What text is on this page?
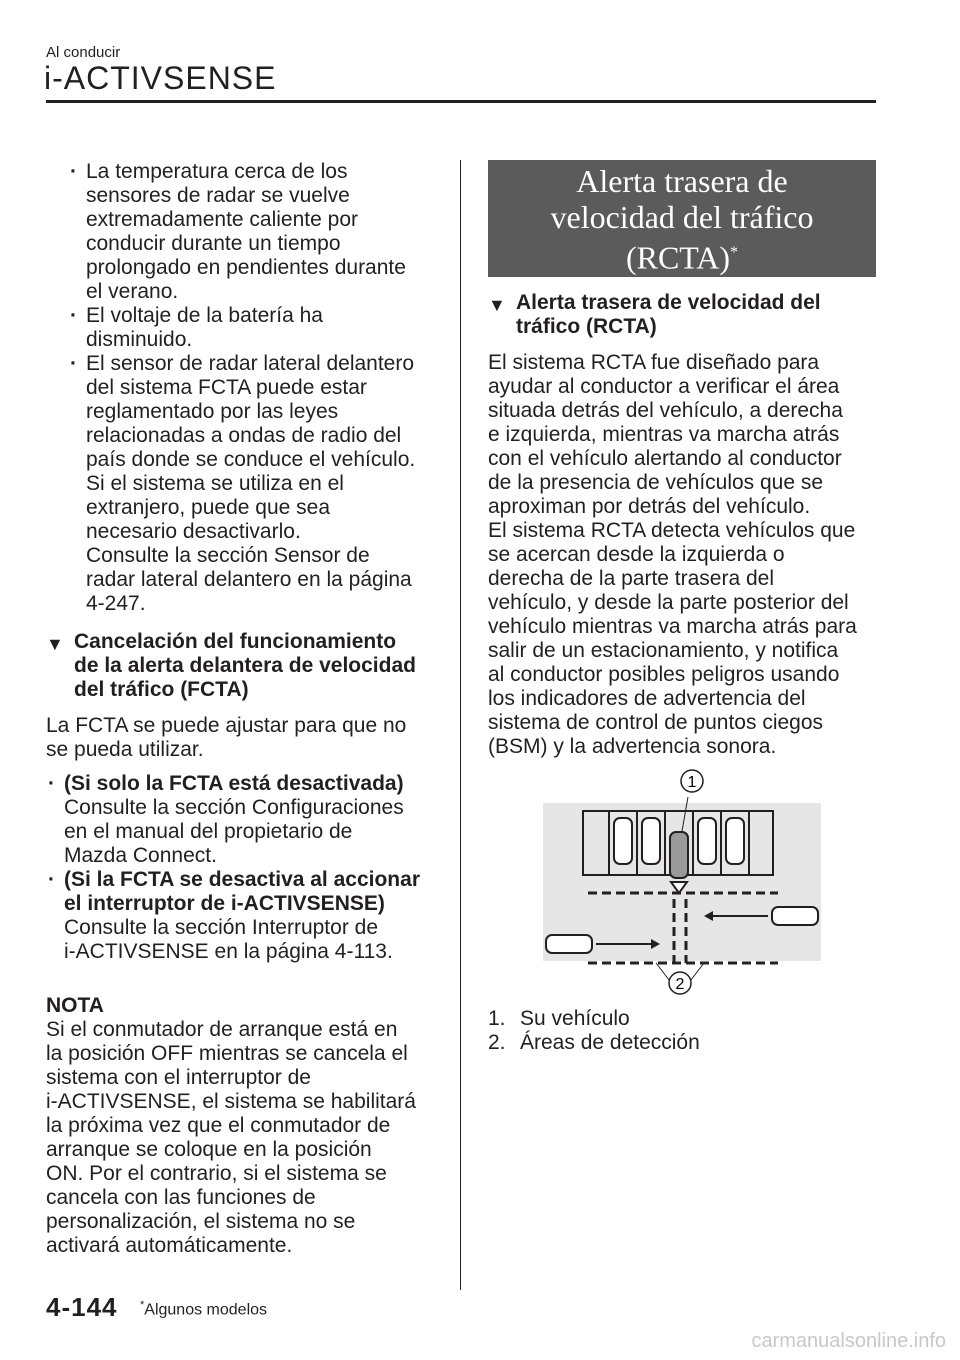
Al conducir
i-ACTIVSENSE
· La temperatura cerca de los
sensores de radar se vuelve
extremadamente caliente por
conducir durante un tiempo
prolongado en pendientes durante
el verano.
· El voltaje de la batería ha
disminuido.
· El sensor de radar lateral delantero
del sistema FCTA puede estar
reglamentado por las leyes
relacionadas a ondas de radio del
país donde se conduce el vehículo.
Si el sistema se utiliza en el
extranjero, puede que sea
necesario desactivarlo.
Consulte la sección Sensor de
radar lateral delantero en la página
4-247.
▼ Cancelación del funcionamiento
de la alerta delantera de velocidad
del tráfico (FCTA)
La FCTA se puede ajustar para que no
se pueda utilizar.
· (Si solo la FCTA está desactivada)
Consulte la sección Configuraciones
en el manual del propietario de
Mazda Connect.
· (Si la FCTA se desactiva al accionar
el interruptor de i-ACTIVSENSE)
Consulte la sección Interruptor de
i-ACTIVSENSE en la página 4-113.
NOTA
Si el conmutador de arranque está en
la posición OFF mientras se cancela el
sistema con el interruptor de
i-ACTIVSENSE, el sistema se habilitará
la próxima vez que el conmutador de
arranque se coloque en la posición
ON. Por el contrario, si el sistema se
cancela con las funciones de
personalización, el sistema no se
activará automáticamente.
Alerta trasera de
velocidad del tráfico
(RCTA)*
▼ Alerta trasera de velocidad del
tráfico (RCTA)
El sistema RCTA fue diseñado para
ayudar al conductor a verificar el área
situada detrás del vehículo, a derecha
e izquierda, mientras va marcha atrás
con el vehículo alertando al conductor
de la presencia de vehículos que se
aproximan por detrás del vehículo.
El sistema RCTA detecta vehículos que
se acercan desde la izquierda o
derecha de la parte trasera del
vehículo, y desde la parte posterior del
vehículo mientras va marcha atrás para
salir de un estacionamiento, y notifica
al conductor posibles peligros usando
los indicadores de advertencia del
sistema de control de puntos ciegos
(BSM) y la advertencia sonora.
1
2
1. Su vehículo
2. Áreas de detección
4-144 *Algunos modelos
carmanualsonline.info
